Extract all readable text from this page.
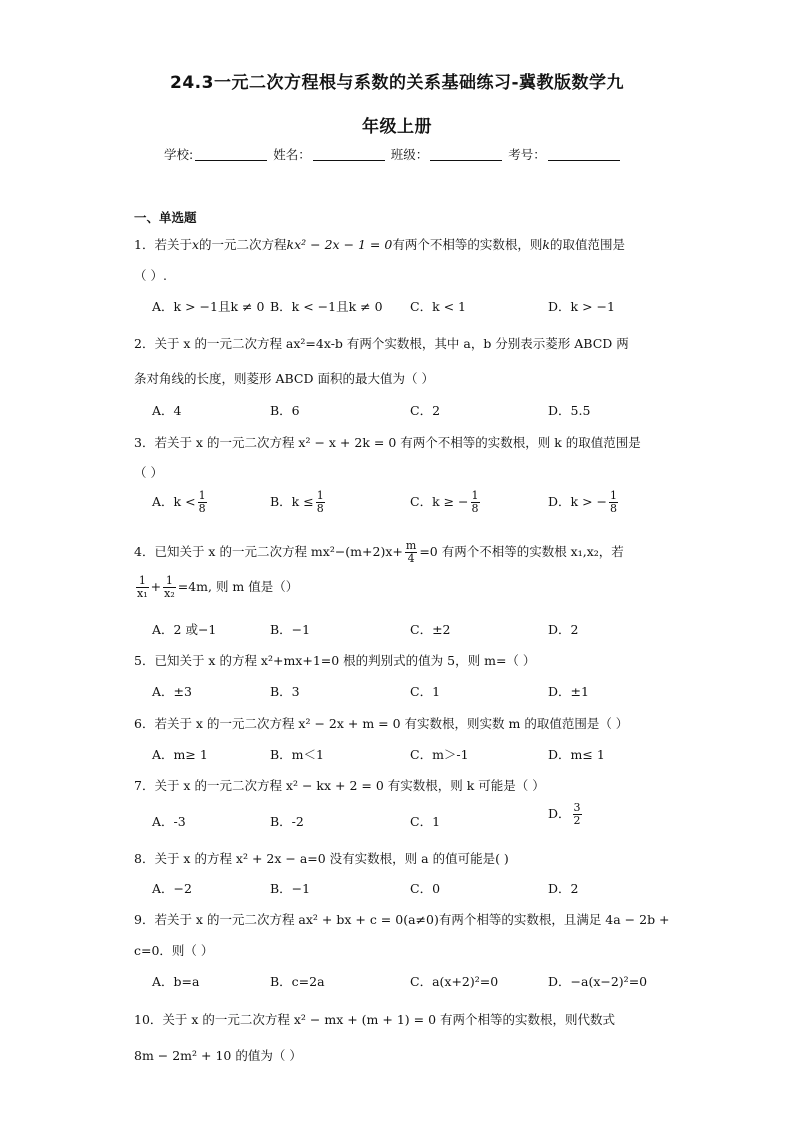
24.3一元二次方程根与系数的关系基础练习-冀教版数学九
年级上册
学校:	姓名：	班级：	考号：
一、单选题
1．若关于x的一元二次方程kx² − 2x − 1 = 0有两个不相等的实数根，则k的取值范围是
（ ）.
A．k > −1且k ≠ 0 B．k < −1且k ≠ 0 C．k < 1	D．k > −1
2．关于 x 的一元二次方程 ax²=4x-b 有两个实数根，其中 a，b 分别表示菱形 ABCD 两
条对角线的长度，则菱形 ABCD 面积的最大值为（ ）
A．4	B．6	C．2	D．5.5
3．若关于 x 的一元二次方程 x² − x + 2k = 0 有两个不相等的实数根，则 k 的取值范围是
（ ）
A．$k < \frac{1}{8}$	B．$k \le \frac{1}{8}$	C．k ≥ − $\frac{1}{8}$	D．k > − $\frac{1}{8}$
4．已知关于 x 的一元二次方程 $mx^2-(m+2)x+ \frac{m}{4} =0$ 有两个不相等的实数根 x₁,x₂，若
$\frac{1}{\text{x₁}} + \frac{1}{\text{x₂}} =4m$, 则 m 值是（）
A．2 或−1	B．−1	C．±2	D．2
5．已知关于 x 的方程 x²+mx+1=0 根的判别式的值为 5，则 m=（ ）
A．±3	B．3	C．1	D．±1
6．若关于 x 的一元二次方程 x² − 2x + m = 0 有实数根，则实数 m 的取值范围是（ ）
A．m≥ 1	B．m＜1	C．m＞-1	D．m≤ 1
7．关于 x 的一元二次方程 x² − kx + 2 = 0 有实数根，则 k 可能是（ ）
A．-3	B．-2	C．1
D． $\frac{3}{2}$
8．关于 x 的方程 x² + 2x − a=0 没有实数根，则 a 的值可能是( )
A．−2	B．−1	C．0	D．2
9．若关于 x 的一元二次方程 ax² + bx + c = 0(a≠0)有两个相等的实数根，且满足 4a − 2b +
c=0．则（ ）
A．b=a	B．c=2a	C．a(x+2)²=0	D．−a(x−2)²=0
10．关于 x 的一元二次方程 x² − mx + (m + 1) = 0 有两个相等的实数根，则代数式
8m − 2m² + 10 的值为（ ）
